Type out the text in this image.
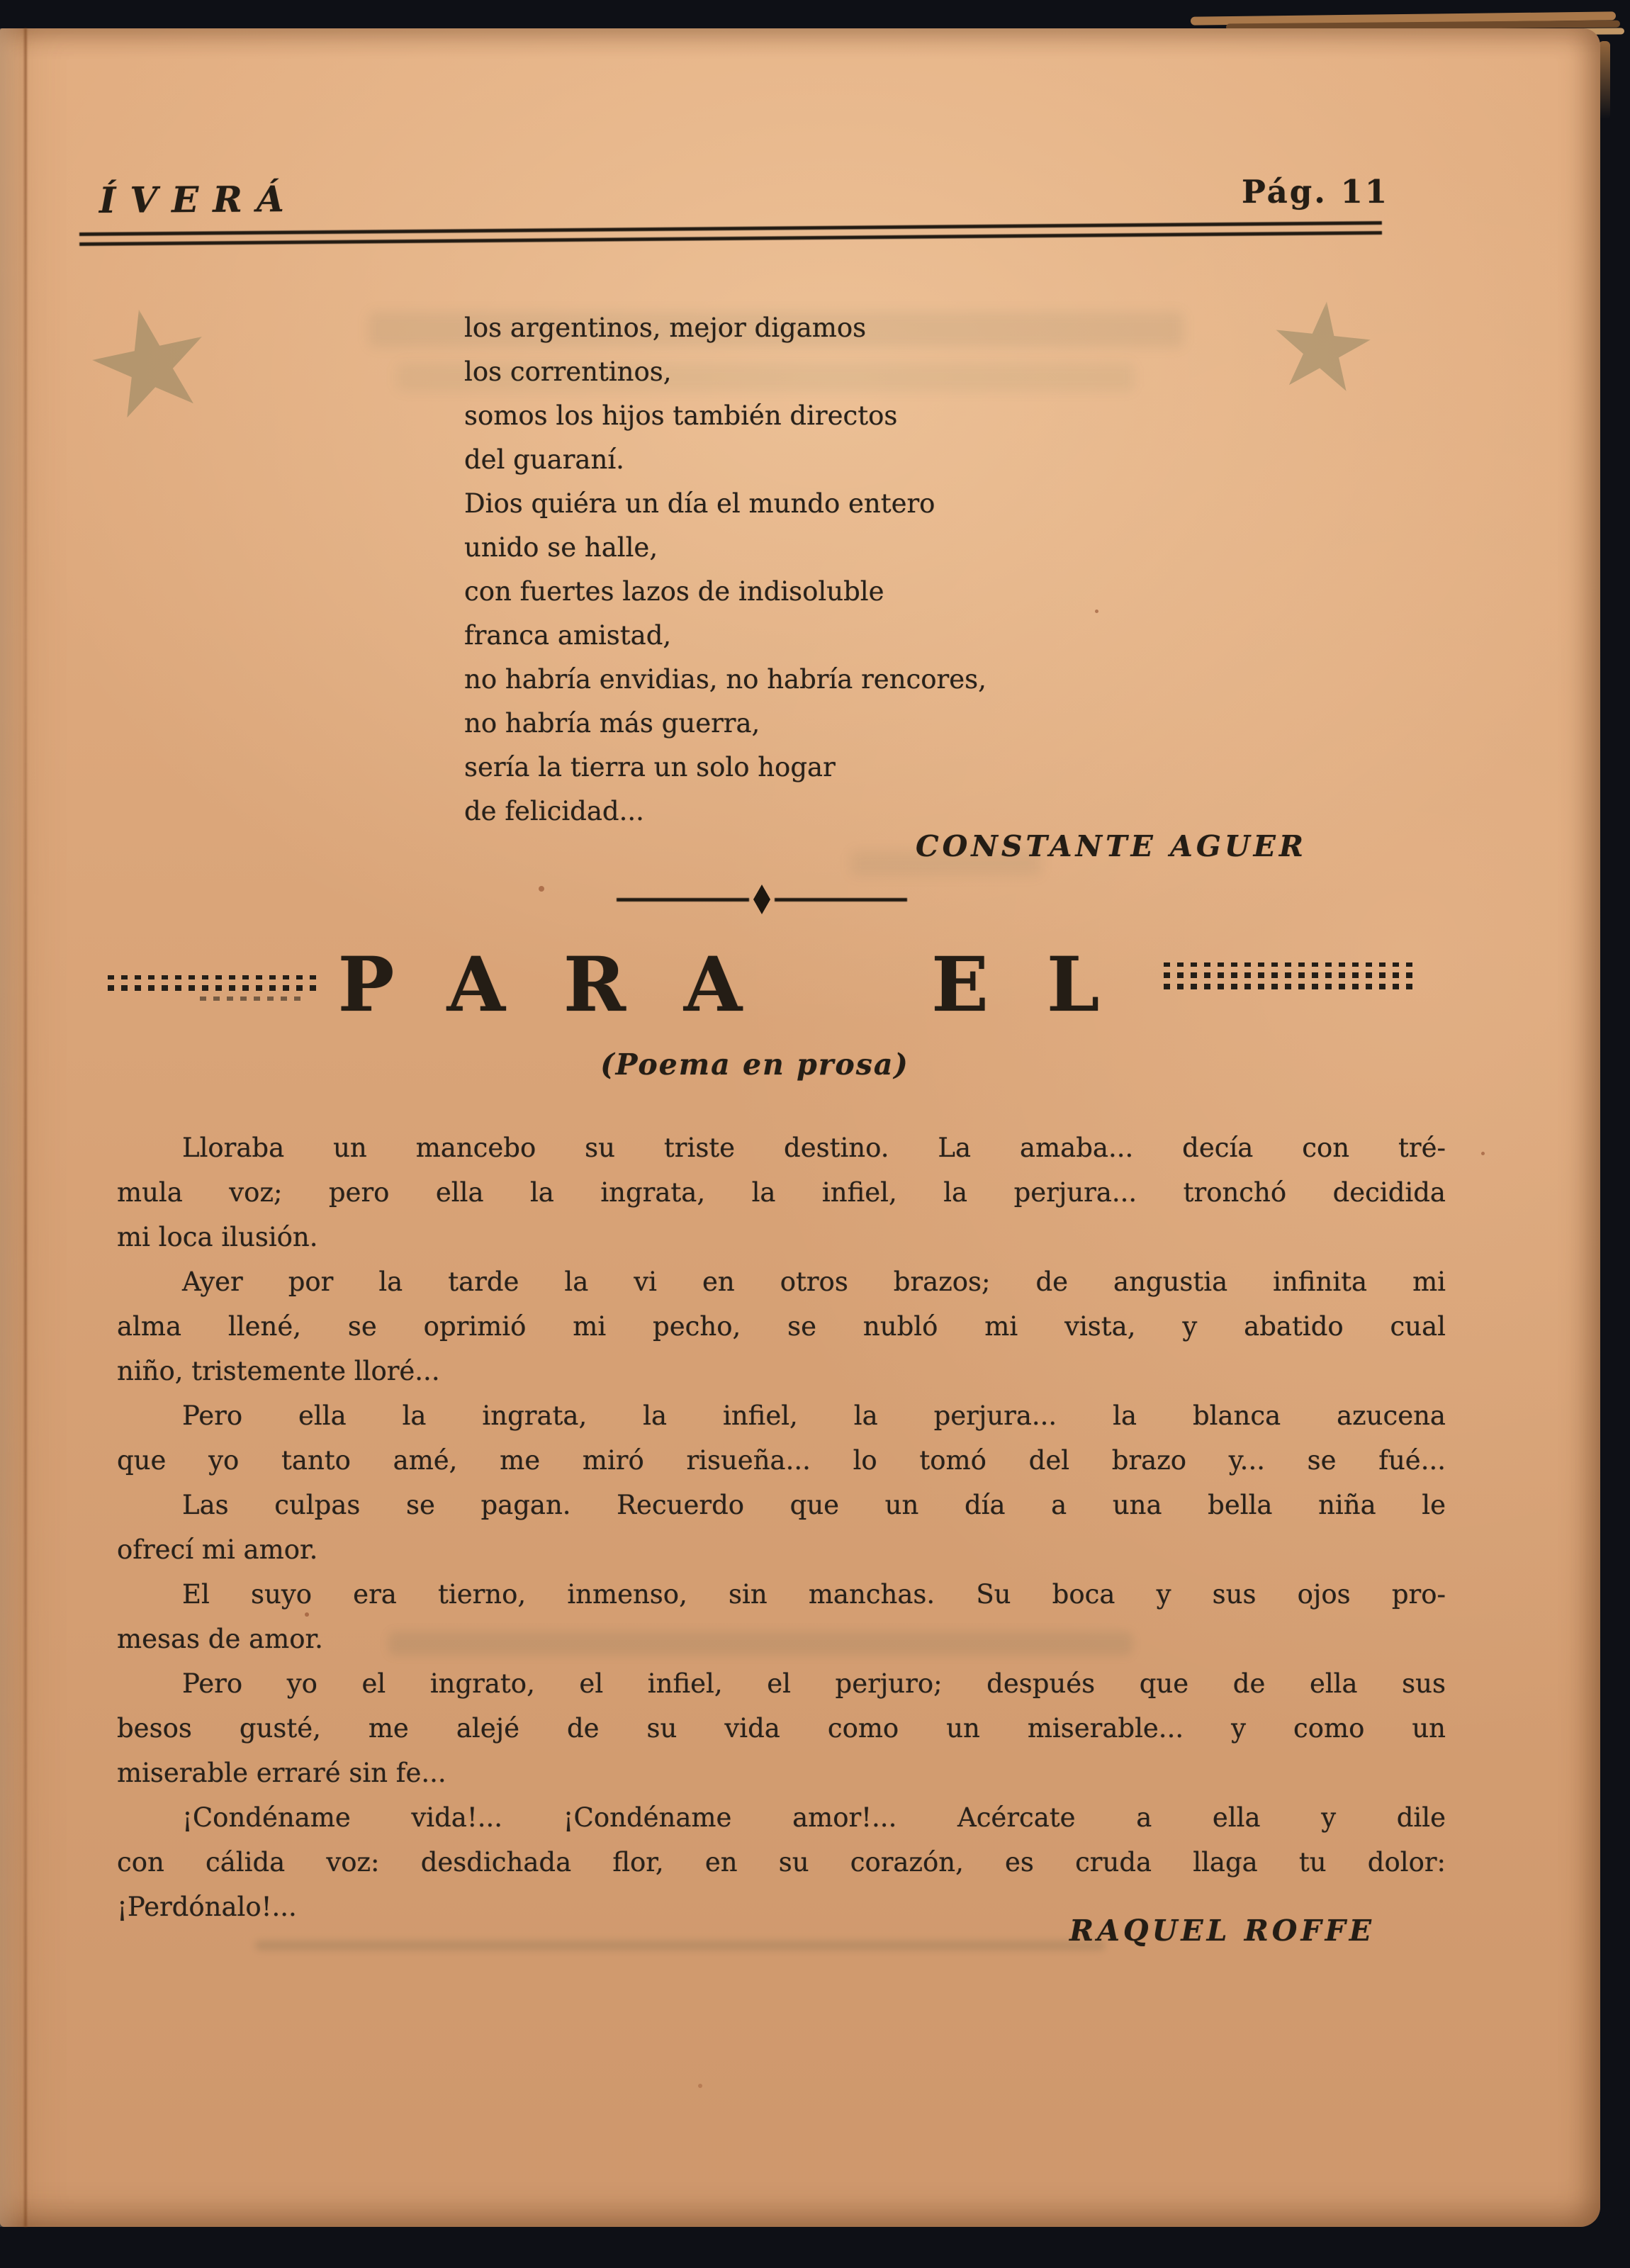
ÍVERÁ	Pág. 11
los argentinos, mejor digamos
los correntinos,
somos los hijos también directos
del guaraní.
Dios quiéra un día el mundo entero
unido se halle,
con fuertes lazos de indisoluble
franca amistad,
no habría envidias, no habría rencores,
no habría más guerra,
sería la tierra un solo hogar
de felicidad...
CONSTANTE AGUER
PARA EL
(Poema en prosa)
Lloraba un mancebo su triste destino. La amaba... decía con tré-
mula voz; pero ella la ingrata, la infiel, la perjura... tronchó decidida
mi loca ilusión.
Ayer por la tarde la vi en otros brazos; de angustia infinita mi
alma llené, se oprimió mi pecho, se nubló mi vista, y abatido cual
niño, tristemente lloré...
Pero ella la ingrata, la infiel, la perjura... la blanca azucena
que yo tanto amé, me miró risueña... lo tomó del brazo y... se fué...
Las culpas se pagan. Recuerdo que un día a una bella niña le
ofrecí mi amor.
El suyo era tierno, inmenso, sin manchas. Su boca y sus ojos pro-
mesas de amor.
Pero yo el ingrato, el infiel, el perjuro; después que de ella sus
besos gusté, me alejé de su vida como un miserable... y como un
miserable erraré sin fe...
¡Condéname vida!... ¡Condéname amor!... Acércate a ella y dile
con cálida voz: desdichada flor, en su corazón, es cruda llaga tu dolor:
¡Perdónalo!...
RAQUEL ROFFE
